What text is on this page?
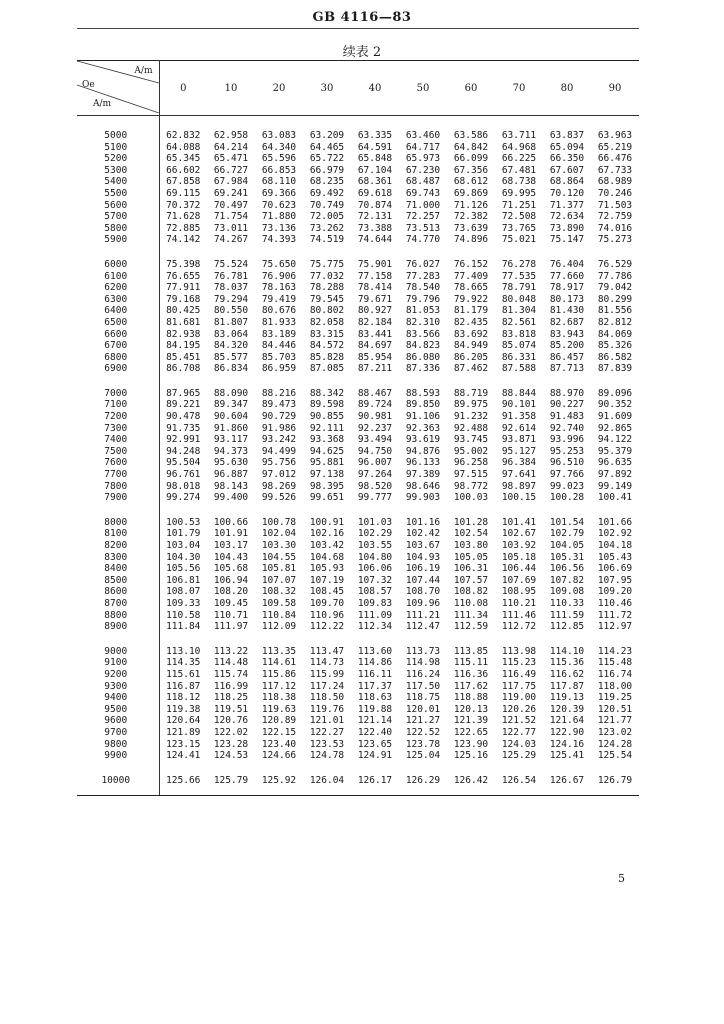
GB 4116—83
续表 2
A/m
Oe
A/m	0	10	20	30	40	50	60	70	80	90
5000	62.832	62.958	63.083	63.209	63.335	63.460	63.586	63.711	63.837	63.963
5100	64.088	64.214	64.340	64.465	64.591	64.717	64.842	64.968	65.094	65.219
5200	65.345	65.471	65.596	65.722	65.848	65.973	66.099	66.225	66.350	66.476
5300	66.602	66.727	66.853	66.979	67.104	67.230	67.356	67.481	67.607	67.733
5400	67.858	67.984	68.110	68.235	68.361	68.487	68.612	68.738	68.864	68.989
5500	69.115	69.241	69.366	69.492	69.618	69.743	69.869	69.995	70.120	70.246
5600	70.372	70.497	70.623	70.749	70.874	71.000	71.126	71.251	71.377	71.503
5700	71.628	71.754	71.880	72.005	72.131	72.257	72.382	72.508	72.634	72.759
5800	72.885	73.011	73.136	73.262	73.388	73.513	73.639	73.765	73.890	74.016
5900	74.142	74.267	74.393	74.519	74.644	74.770	74.896	75.021	75.147	75.273
6000	75.398	75.524	75.650	75.775	75.901	76.027	76.152	76.278	76.404	76.529
6100	76.655	76.781	76.906	77.032	77.158	77.283	77.409	77.535	77.660	77.786
6200	77.911	78.037	78.163	78.288	78.414	78.540	78.665	78.791	78.917	79.042
6300	79.168	79.294	79.419	79.545	79.671	79.796	79.922	80.048	80.173	80.299
6400	80.425	80.550	80.676	80.802	80.927	81.053	81.179	81.304	81.430	81.556
6500	81.681	81.807	81.933	82.058	82.184	82.310	82.435	82.561	82.687	82.812
6600	82.938	83.064	83.189	83.315	83.441	83.566	83.692	83.818	83.943	84.069
6700	84.195	84.320	84.446	84.572	84.697	84.823	84.949	85.074	85.200	85.326
6800	85.451	85.577	85.703	85.828	85.954	86.080	86.205	86.331	86.457	86.582
6900	86.708	86.834	86.959	87.085	87.211	87.336	87.462	87.588	87.713	87.839
7000	87.965	88.090	88.216	88.342	88.467	88.593	88.719	88.844	88.970	89.096
7100	89.221	89.347	89.473	89.598	89.724	89.850	89.975	90.101	90.227	90.352
7200	90.478	90.604	90.729	90.855	90.981	91.106	91.232	91.358	91.483	91.609
7300	91.735	91.860	91.986	92.111	92.237	92.363	92.488	92.614	92.740	92.865
7400	92.991	93.117	93.242	93.368	93.494	93.619	93.745	93.871	93.996	94.122
7500	94.248	94.373	94.499	94.625	94.750	94.876	95.002	95.127	95.253	95.379
7600	95.504	95.630	95.756	95.881	96.007	96.133	96.258	96.384	96.510	96.635
7700	96.761	96.887	97.012	97.138	97.264	97.389	97.515	97.641	97.766	97.892
7800	98.018	98.143	98.269	98.395	98.520	98.646	98.772	98.897	99.023	99.149
7900	99.274	99.400	99.526	99.651	99.777	99.903	100.03	100.15	100.28	100.41
8000	100.53	100.66	100.78	100.91	101.03	101.16	101.28	101.41	101.54	101.66
8100	101.79	101.91	102.04	102.16	102.29	102.42	102.54	102.67	102.79	102.92
8200	103.04	103.17	103.30	103.42	103.55	103.67	103.80	103.92	104.05	104.18
8300	104.30	104.43	104.55	104.68	104.80	104.93	105.05	105.18	105.31	105.43
8400	105.56	105.68	105.81	105.93	106.06	106.19	106.31	106.44	106.56	106.69
8500	106.81	106.94	107.07	107.19	107.32	107.44	107.57	107.69	107.82	107.95
8600	108.07	108.20	108.32	108.45	108.57	108.70	108.82	108.95	109.08	109.20
8700	109.33	109.45	109.58	109.70	109.83	109.96	110.08	110.21	110.33	110.46
8800	110.58	110.71	110.84	110.96	111.09	111.21	111.34	111.46	111.59	111.72
8900	111.84	111.97	112.09	112.22	112.34	112.47	112.59	112.72	112.85	112.97
9000	113.10	113.22	113.35	113.47	113.60	113.73	113.85	113.98	114.10	114.23
9100	114.35	114.48	114.61	114.73	114.86	114.98	115.11	115.23	115.36	115.48
9200	115.61	115.74	115.86	115.99	116.11	116.24	116.36	116.49	116.62	116.74
9300	116.87	116.99	117.12	117.24	117.37	117.50	117.62	117.75	117.87	118.00
9400	118.12	118.25	118.38	118.50	118.63	118.75	118.88	119.00	119.13	119.25
9500	119.38	119.51	119.63	119.76	119.88	120.01	120.13	120.26	120.39	120.51
9600	120.64	120.76	120.89	121.01	121.14	121.27	121.39	121.52	121.64	121.77
9700	121.89	122.02	122.15	122.27	122.40	122.52	122.65	122.77	122.90	123.02
9800	123.15	123.28	123.40	123.53	123.65	123.78	123.90	124.03	124.16	124.28
9900	124.41	124.53	124.66	124.78	124.91	125.04	125.16	125.29	125.41	125.54
10000	125.66	125.79	125.92	126.04	126.17	126.29	126.42	126.54	126.67	126.79
5
